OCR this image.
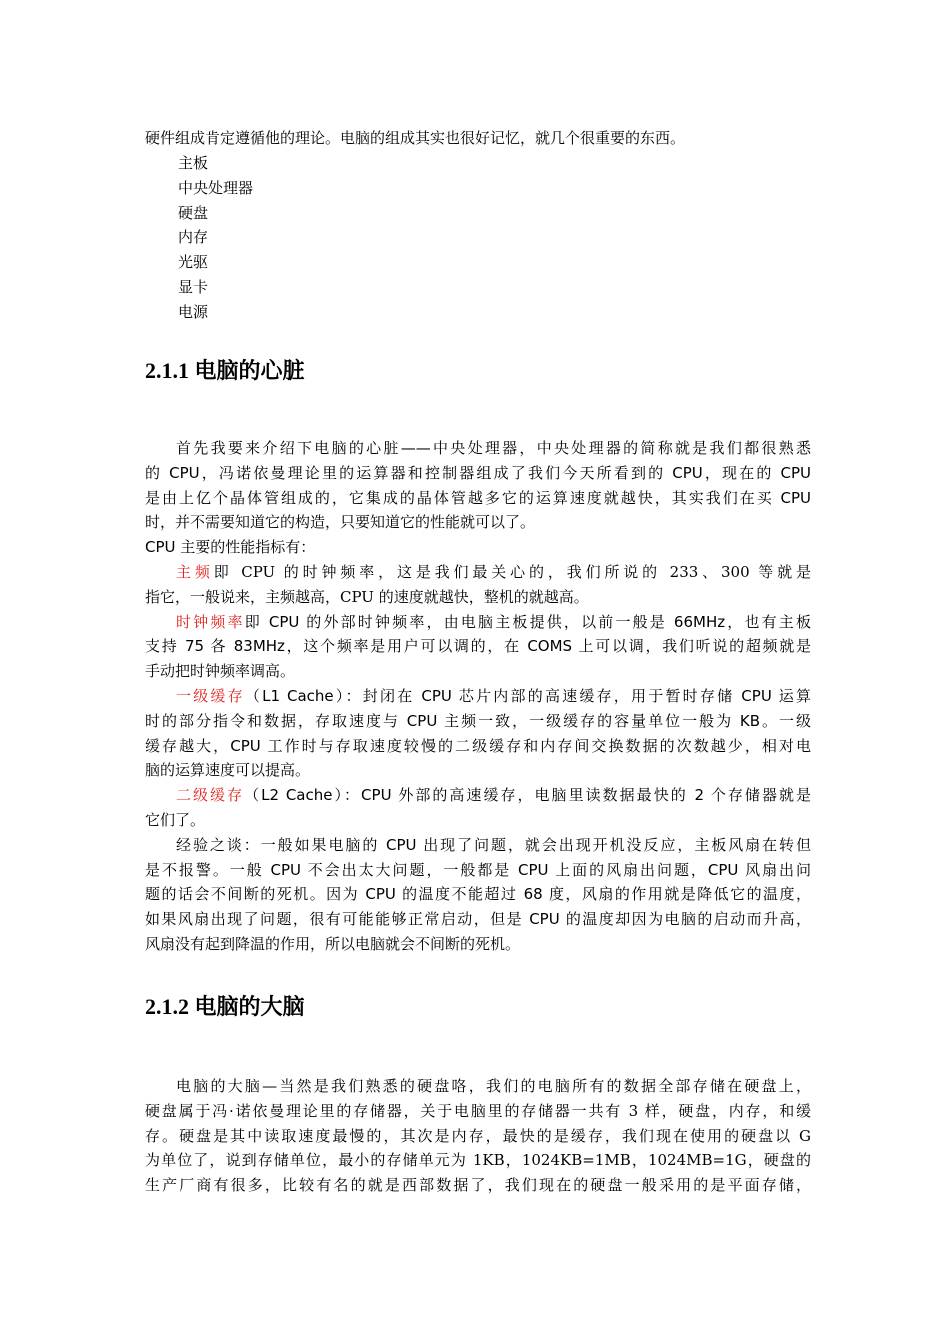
硬件组成肯定遵循他的理论。电脑的组成其实也很好记忆，就几个很重要的东西。
主板
中央处理器
硬盘
内存
光驱
显卡
电源
2.1.1 电脑的心脏
首先我要来介绍下电脑的心脏——中央处理器，中央处理器的简称就是我们都很熟悉
的 CPU，冯诺依曼理论里的运算器和控制器组成了我们今天所看到的 CPU，现在的 CPU
是由上亿个晶体管组成的，它集成的晶体管越多它的运算速度就越快，其实我们在买 CPU
时，并不需要知道它的构造，只要知道它的性能就可以了。
CPU 主要的性能指标有：
主频即 CPU 的时钟频率，这是我们最关心的，我们所说的 233、300 等就是
指它，一般说来，主频越高，CPU 的速度就越快，整机的就越高。
时钟频率即 CPU 的外部时钟频率，由电脑主板提供，以前一般是 66MHz，也有主板
支持 75 各 83MHz，这个频率是用户可以调的，在 COMS 上可以调，我们听说的超频就是
手动把时钟频率调高。
一级缓存（L1 Cache）：封闭在 CPU 芯片内部的高速缓存，用于暂时存储 CPU 运算
时的部分指令和数据，存取速度与 CPU 主频一致，一级缓存的容量单位一般为 KB。一级
缓存越大，CPU 工作时与存取速度较慢的二级缓存和内存间交换数据的次数越少，相对电
脑的运算速度可以提高。
二级缓存（L2 Cache）：CPU 外部的高速缓存，电脑里读数据最快的 2 个存储器就是
它们了。
经验之谈：一般如果电脑的 CPU 出现了问题，就会出现开机没反应，主板风扇在转但
是不报警。一般 CPU 不会出太大问题，一般都是 CPU 上面的风扇出问题，CPU 风扇出问
题的话会不间断的死机。因为 CPU 的温度不能超过 68 度，风扇的作用就是降低它的温度，
如果风扇出现了问题，很有可能能够正常启动，但是 CPU 的温度却因为电脑的启动而升高，
风扇没有起到降温的作用，所以电脑就会不间断的死机。
2.1.2 电脑的大脑
电脑的大脑—当然是我们熟悉的硬盘咯，我们的电脑所有的数据全部存储在硬盘上，
硬盘属于冯·诺依曼理论里的存储器，关于电脑里的存储器一共有 3 样，硬盘，内存，和缓
存。硬盘是其中读取速度最慢的，其次是内存，最快的是缓存，我们现在使用的硬盘以 G
为单位了，说到存储单位，最小的存储单元为 1KB，1024KB=1MB，1024MB=1G，硬盘的
生产厂商有很多，比较有名的就是西部数据了，我们现在的硬盘一般采用的是平面存储，
